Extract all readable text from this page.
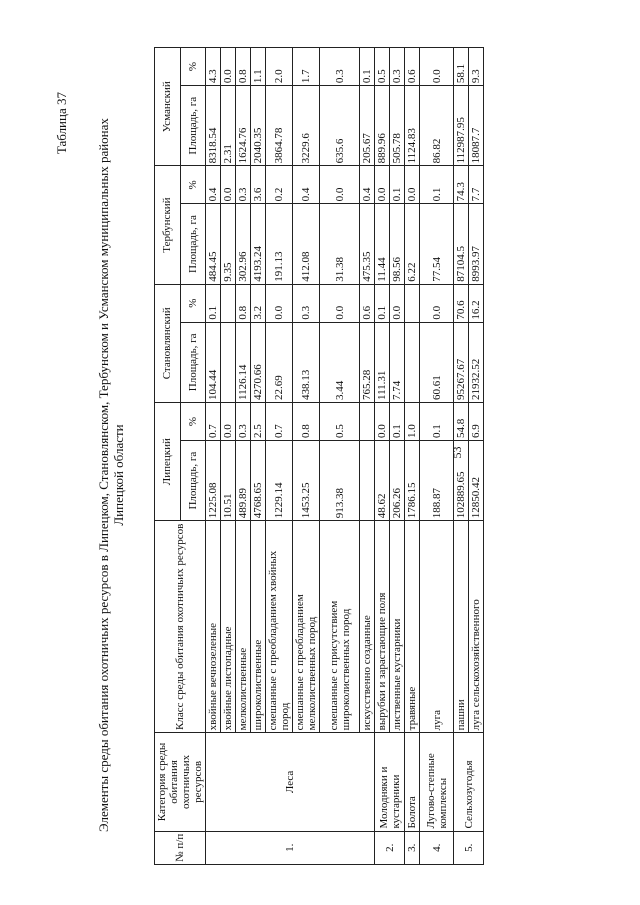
Таблица 37 Элементы среды обитания охотничьих ресурсов в Липецком, Становлянском, Тербунском и Усманском муниципальных районах Липецкой области
№ п/п	Категория среды обитания охотничьих ресурсов	Класс среды обитания охотничьих ресурсов	Липецкий		Становлянский		Тербунский		Усманский	
			Площадь, га	%	Площадь, га	%	Площадь, га	%	Площадь, га	%
1.	Леса	хвойные вечнозеленые	1225.08	0.7	104.44	0.1	484.45	0.4	8318.54	4.3
		хвойные листопадные	10.51	0.0			9.35	0.0	2.31	0.0
		мелколиственные	489.89	0.3	1126.14	0.8	302.96	0.3	1624.76	0.8
		широколиственные	4768.65	2.5	4270.66	3.2	4193.24	3.6	2040.35	1.1
		смешанные с преобладанием хвойных пород	1229.14	0.7	22.69	0.0	191.13	0.2	3864.78	2.0
		смешанные с преобладанием мелколиственных пород	1453.25	0.8	438.13	0.3	412.08	0.4	3229.6	1.7
		смешанные с присутствием широколиственных пород	913.38	0.5	3.44	0.0	31.38	0.0	635.6	0.3
		искусственно созданные			765.28	0.6	475.35	0.4	205.67	0.1
2.	Молодняки и кустарники	вырубки и зарастающие поля	48.62	0.0	111.31	0.1	11.44	0.0	889.96	0.5
		лиственные кустарники	206.26	0.1	7.74	0.0	98.56	0.1	505.78	0.3
3.	Болота	травяные	1786.15	1.0			6.22	0.0	1124.83	0.6
4.	Лугово-степные комплексы	луга	188.87	0.1	60.61	0.0	77.54	0.1	86.82	0.0
5.	Сельхозугодья	пашни	102889.65	54.8	95267.67	70.6	87104.5	74.3	112987.95	58.1
		луга сельскохозяйственного	12850.42	6.9	21932.52	16.2	8993.97	7.7	18087.7	9.3
53
